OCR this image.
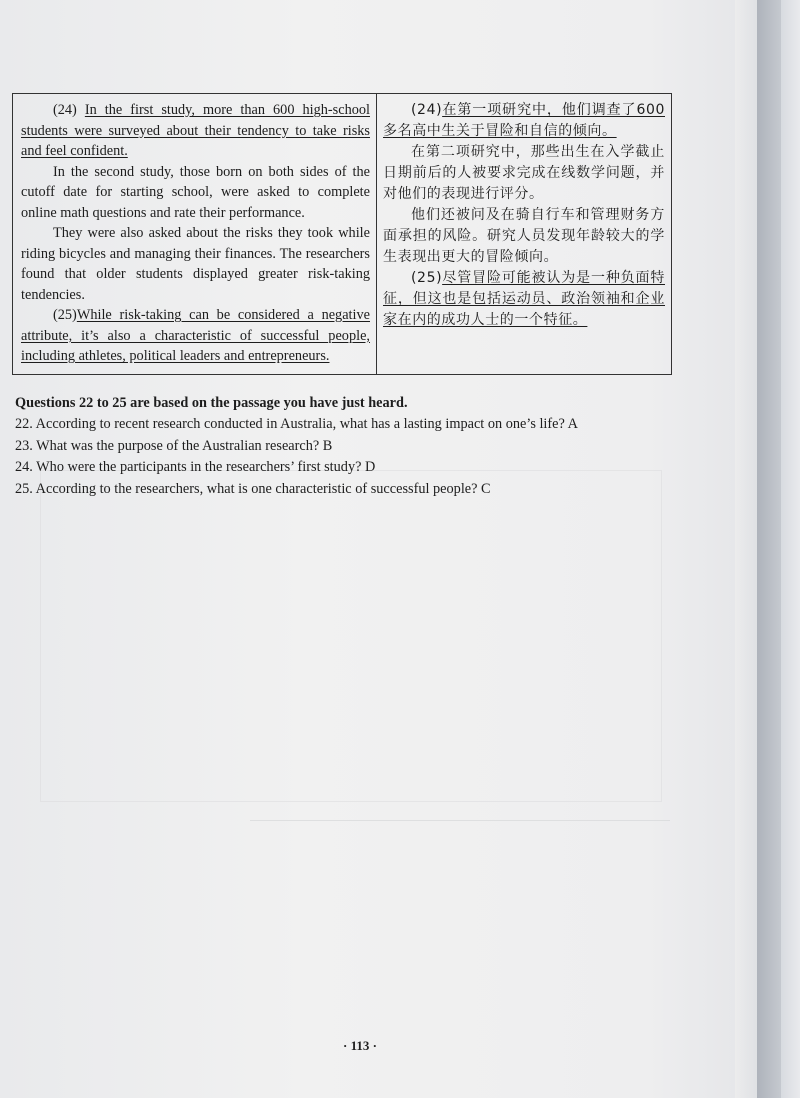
(24) In the first study, more than 600 high-school students were surveyed about their tendency to take risks and feel confident.

In the second study, those born on both sides of the cutoff date for starting school, were asked to complete online math questions and rate their performance.

They were also asked about the risks they took while riding bicycles and managing their finances. The researchers found that older students displayed greater risk-taking tendencies.

(25)While risk-taking can be considered a negative attribute, it’s also a characteristic of successful people, including athletes, political leaders and entrepreneurs.

(24)在第一项研究中，他们调查了600多名高中生关于冒险和自信的倾向。

在第二项研究中，那些出生在入学截止日期前后的人被要求完成在线数学问题，并对他们的表现进行评分。

他们还被问及在骑自行车和管理财务方面承担的风险。研究人员发现年龄较大的学生表现出更大的冒险倾向。

(25)尽管冒险可能被认为是一种负面特征，但这也是包括运动员、政治领袖和企业家在内的成功人士的一个特征。

Questions 22 to 25 are based on the passage you have just heard.

22. According to recent research conducted in Australia, what has a lasting impact on one’s life? A
23. What was the purpose of the Australian research? B
24. Who were the participants in the researchers’ first study? D
25. According to the researchers, what is one characteristic of successful people? C
· 113 ·
